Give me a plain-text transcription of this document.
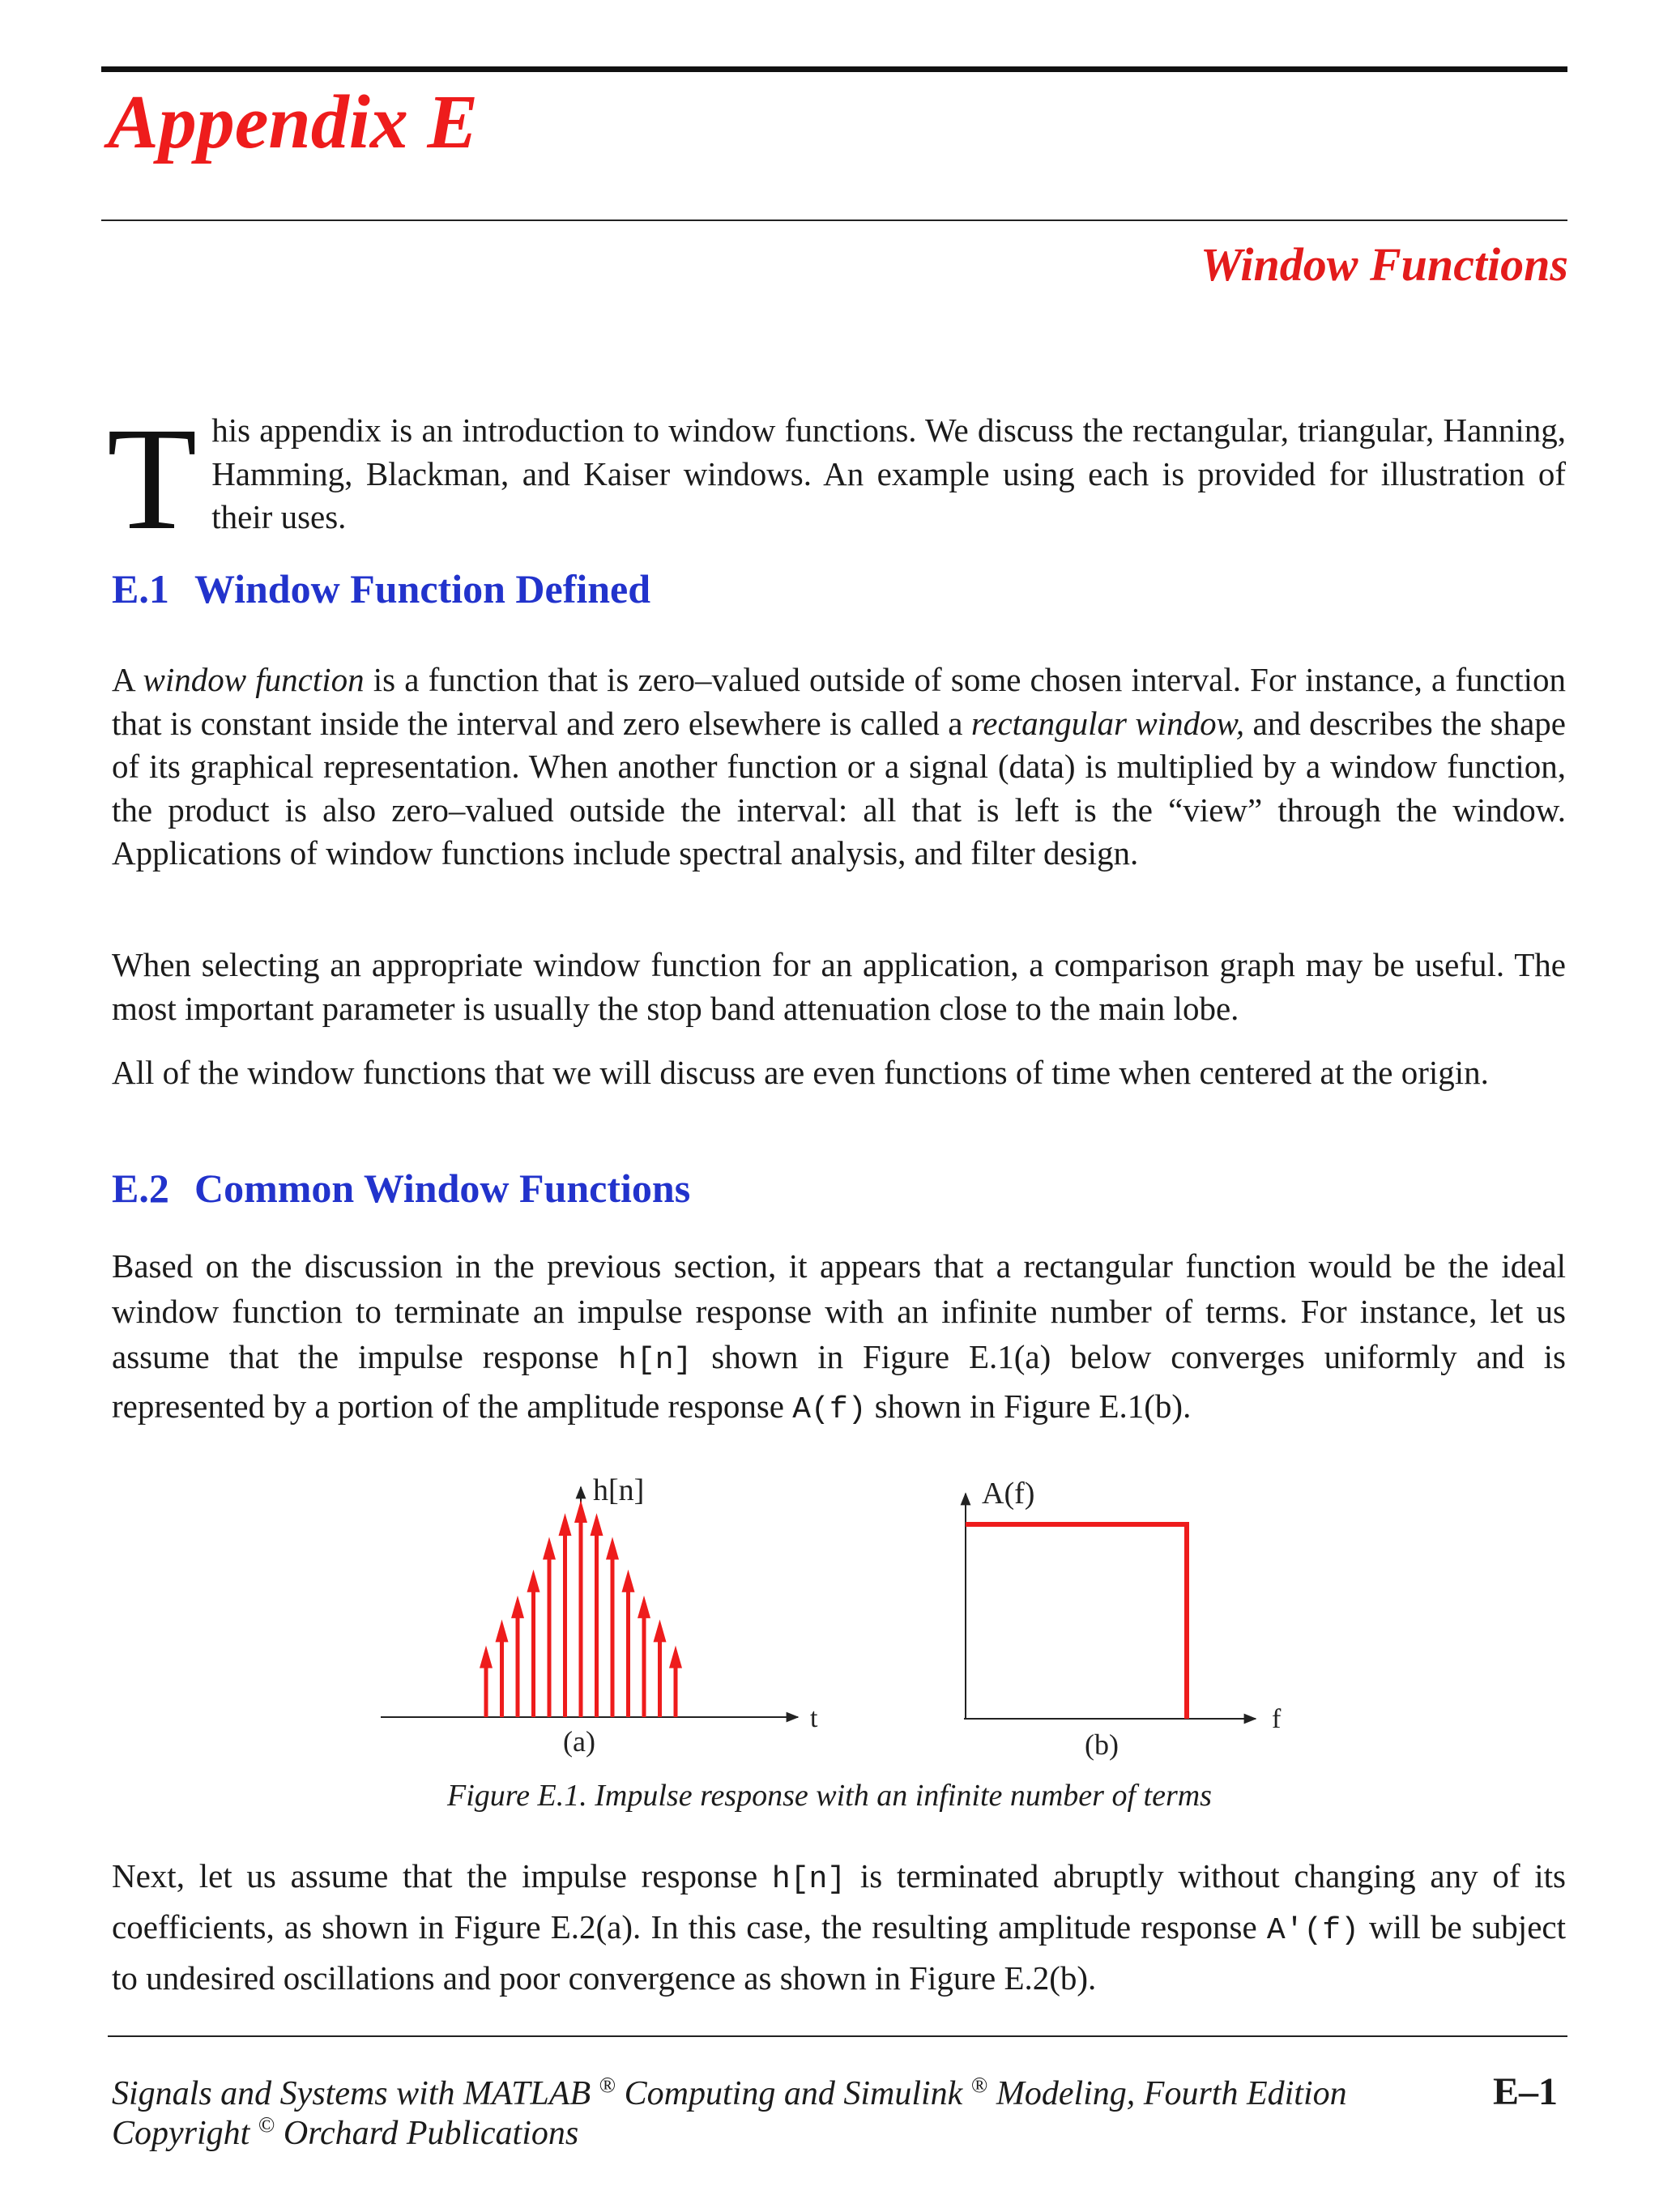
Appendix E
Window Functions

This appendix is an introduction to window functions. We discuss the rectangular, triangular, Hanning, Hamming, Blackman, and Kaiser windows. An example using each is provided for illustration of their uses.

E.1 Window Function Defined

A window function is a function that is zero–valued outside of some chosen interval. For instance, a function that is constant inside the interval and zero elsewhere is called a rectangular window, and describes the shape of its graphical representation. When another function or a signal (data) is multiplied by a window function, the product is also zero–valued outside the interval: all that is left is the “view” through the window. Applications of window functions include spectral analysis, and filter design.

When selecting an appropriate window function for an application, a comparison graph may be useful. The most important parameter is usually the stop band attenuation close to the main lobe.

All of the window functions that we will discuss are even functions of time when centered at the origin.

E.2 Common Window Functions

Based on the discussion in the previous section, it appears that a rectangular function would be the ideal window function to terminate an impulse response with an infinite number of terms. For instance, let us assume that the impulse response h[n] shown in Figure E.1(a) below converges uniformly and is represented by a portion of the amplitude response A(f) shown in Figure E.1(b).

h[n]
t
(a)
A(f)
f
(b)

Figure E.1. Impulse response with an infinite number of terms

Next, let us assume that the impulse response h[n] is terminated abruptly without changing any of its coefficients, as shown in Figure E.2(a). In this case, the resulting amplitude response A'(f) will be subject to undesired oscillations and poor convergence as shown in Figure E.2(b).

Signals and Systems with MATLAB ® Computing and Simulink ® Modeling, Fourth Edition

Copyright © Orchard Publications

E–1
